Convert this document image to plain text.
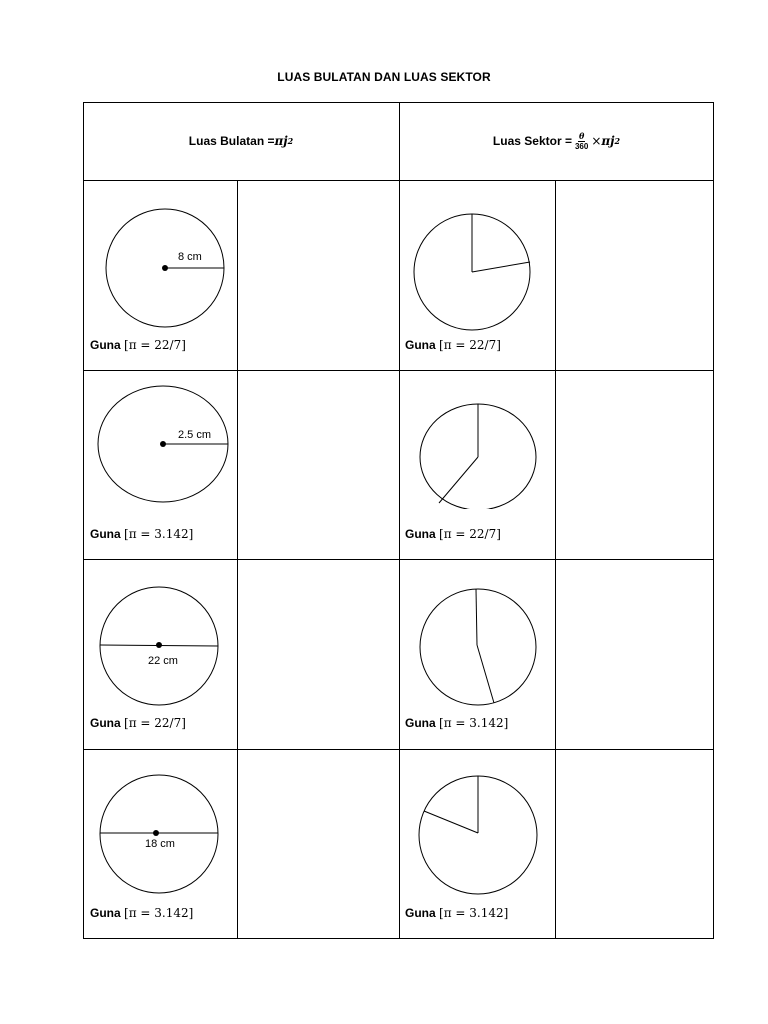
LUAS BULATAN DAN LUAS SEKTOR
Luas Bulatan = πj 2	Luas Sektor = $\frac{\theta}{360} \times \pi j$ 2
8 cm
Guna [π = 22/7]	Guna [π = 22/7]
2.5 cm
Guna [π = 3.142]	Guna [π = 22/7]
22 cm
Guna [π = 22/7]	Guna [π = 3.142]
18 cm
Guna [π = 3.142]	Guna [π = 3.142]
